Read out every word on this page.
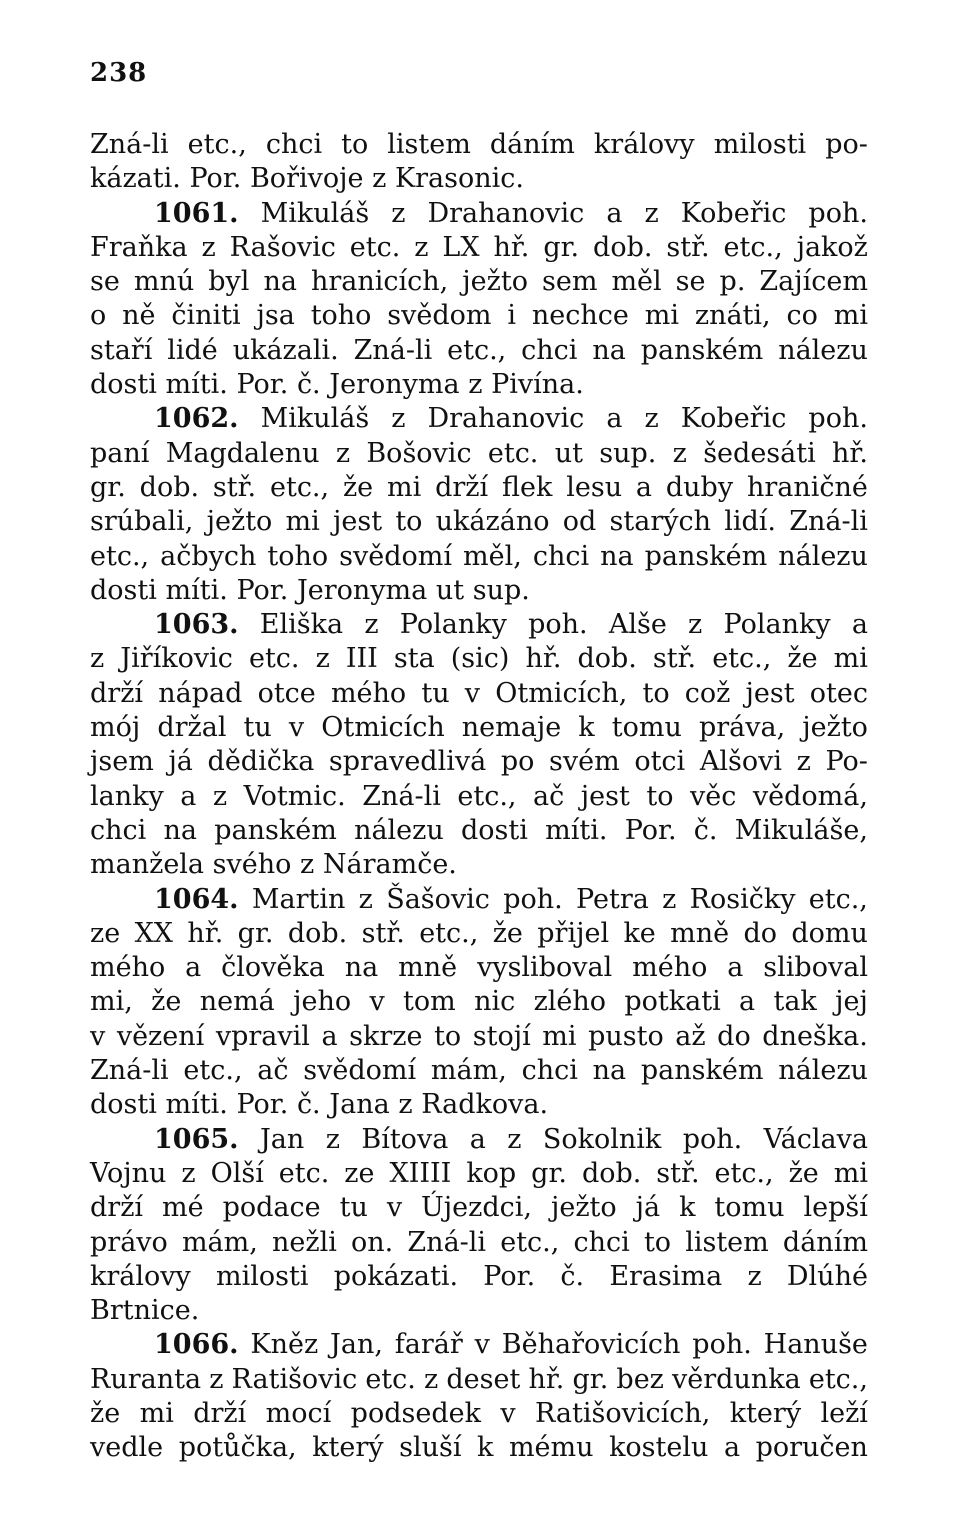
238
Zná-li etc., chci to listem dáním královy milosti po-
kázati. Por. Bořivoje z Krasonic.
1061. Mikuláš z Drahanovic a z Kobeřic poh.
Fraňka z Rašovic etc. z LX hř. gr. dob. stř. etc., jakož
se mnú byl na hranicích, ježto sem měl se p. Zajícem
o ně činiti jsa toho svědom i nechce mi znáti, co mi
staří lidé ukázali. Zná-li etc., chci na panském nálezu
dosti míti. Por. č. Jeronyma z Pivína.
1062. Mikuláš z Drahanovic a z Kobeřic poh.
paní Magdalenu z Bošovic etc. ut sup. z šedesáti hř.
gr. dob. stř. etc., že mi drží flek lesu a duby hraničné
srúbali, ježto mi jest to ukázáno od starých lidí. Zná-li
etc., ačbych toho svědomí měl, chci na panském nálezu
dosti míti. Por. Jeronyma ut sup.
1063. Eliška z Polanky poh. Alše z Polanky a
z Jiříkovic etc. z III sta (sic) hř. dob. stř. etc., že mi
drží nápad otce mého tu v Otmicích, to což jest otec
mój držal tu v Otmicích nemaje k tomu práva, ježto
jsem já dědička spravedlivá po svém otci Alšovi z Po-
lanky a z Votmic. Zná-li etc., ač jest to věc vědomá,
chci na panském nálezu dosti míti. Por. č. Mikuláše,
manžela svého z Náramče.
1064. Martin z Šašovic poh. Petra z Rosičky etc.,
ze XX hř. gr. dob. stř. etc., že přijel ke mně do domu
mého a člověka na mně vysliboval mého a sliboval
mi, že nemá jeho v tom nic zlého potkati a tak jej
v vězení vpravil a skrze to stojí mi pusto až do dneška.
Zná-li etc., ač svědomí mám, chci na panském nálezu
dosti míti. Por. č. Jana z Radkova.
1065. Jan z Bítova a z Sokolnik poh. Václava
Vojnu z Olší etc. ze XIIII kop gr. dob. stř. etc., že mi
drží mé podace tu v Újezdci, ježto já k tomu lepší
právo mám, nežli on. Zná-li etc., chci to listem dáním
královy milosti pokázati. Por. č. Erasima z Dlúhé
Brtnice.
1066. Kněz Jan, farář v Běhařovicích poh. Hanuše
Ruranta z Ratišovic etc. z deset hř. gr. bez věrdunka etc.,
že mi drží mocí podsedek v Ratišovicích, který leží
vedle potůčka, který sluší k mému kostelu a poručen
